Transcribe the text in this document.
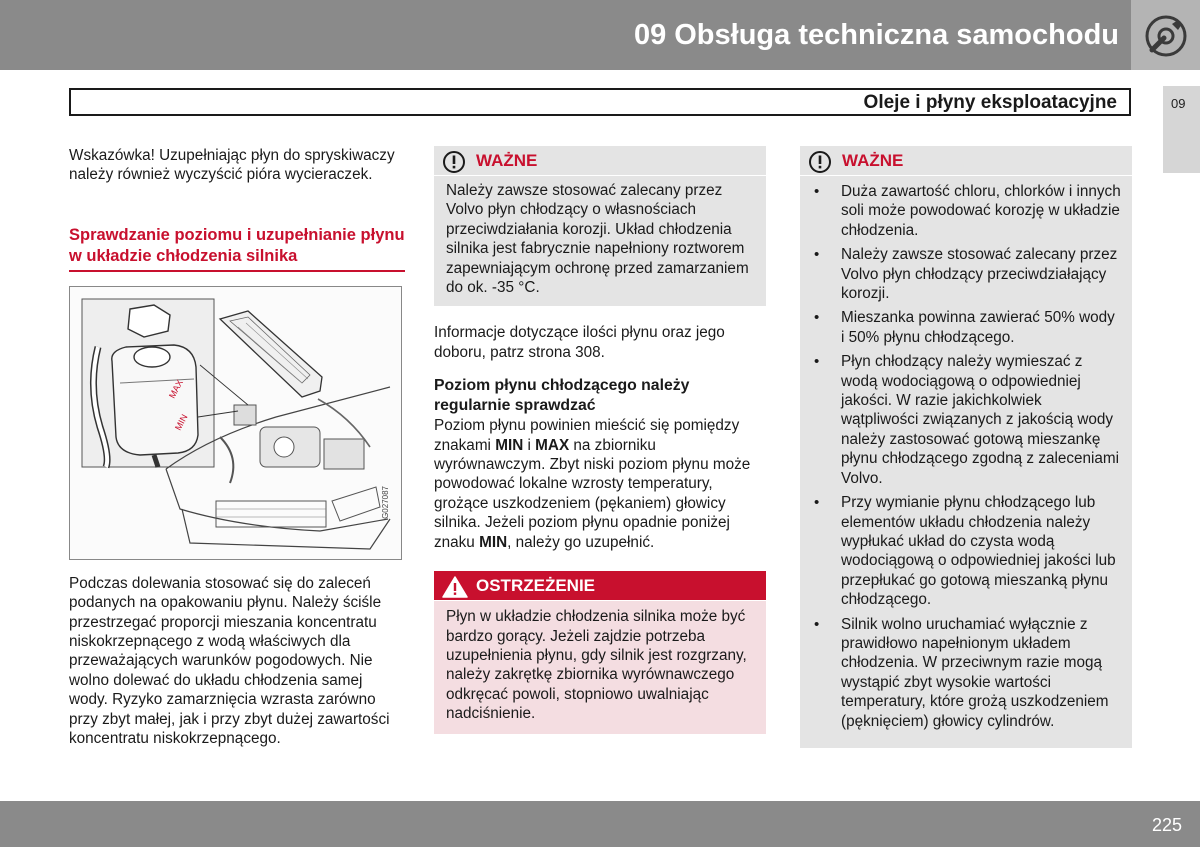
09 Obsługa techniczna samochodu
09
Oleje i płyny eksploatacyjne
Wskazówka! Uzupełniając płyn do spryskiwaczy należy również wyczyścić pióra wycieraczek.
Sprawdzanie poziomu i uzupełnianie płynu w układzie chłodzenia silnika
MAX
MIN
G027087
Podczas dolewania stosować się do zaleceń podanych na opakowaniu płynu. Należy ściśle przestrzegać proporcji mieszania koncentratu niskokrzepnącego z wodą właściwych dla przeważających warunków pogodowych. Nie wolno dolewać do układu chłodzenia samej wody. Ryzyko zamarznięcia wzrasta zarówno przy zbyt małej, jak i przy zbyt dużej zawartości koncentratu niskokrzepnącego.
WAŻNE
Należy zawsze stosować zalecany przez Volvo płyn chłodzący o własnościach przeciwdziałania korozji. Układ chłodzenia silnika jest fabrycznie napełniony roztworem zapewniającym ochronę przed zamarzaniem do ok. -35 °C.
Informacje dotyczące ilości płynu oraz jego doboru, patrz strona 308.
Poziom płynu chłodzącego należy regularnie sprawdzać
Poziom płynu powinien mieścić się pomiędzy znakami MIN i MAX na zbiorniku wyrównawczym. Zbyt niski poziom płynu może powodować lokalne wzrosty temperatury, grożące uszkodzeniem (pękaniem) głowicy silnika. Jeżeli poziom płynu opadnie poniżej znaku MIN, należy go uzupełnić.
OSTRZEŻENIE
Płyn w układzie chłodzenia silnika może być bardzo gorący. Jeżeli zajdzie potrzeba uzupełnienia płynu, gdy silnik jest rozgrzany, należy zakrętkę zbiornika wyrównawczego odkręcać powoli, stopniowo uwalniając nadciśnienie.
WAŻNE
• Duża zawartość chloru, chlorków i innych soli może powodować korozję w układzie chłodzenia.
• Należy zawsze stosować zalecany przez Volvo płyn chłodzący przeciwdziałający korozji.
• Mieszanka powinna zawierać 50% wody i 50% płynu chłodzącego.
• Płyn chłodzący należy wymieszać z wodą wodociągową o odpowiedniej jakości. W razie jakichkolwiek wątpliwości związanych z jakością wody należy zastosować gotową mieszankę płynu chłodzącego zgodną z zaleceniami Volvo.
• Przy wymianie płynu chłodzącego lub elementów układu chłodzenia należy wypłukać układ do czysta wodą wodociągową o odpowiedniej jakości lub przepłukać go gotową mieszanką płynu chłodzącego.
• Silnik wolno uruchamiać wyłącznie z prawidłowo napełnionym układem chłodzenia. W przeciwnym razie mogą wystąpić zbyt wysokie wartości temperatury, które grożą uszkodzeniem (pęknięciem) głowicy cylindrów.
225
